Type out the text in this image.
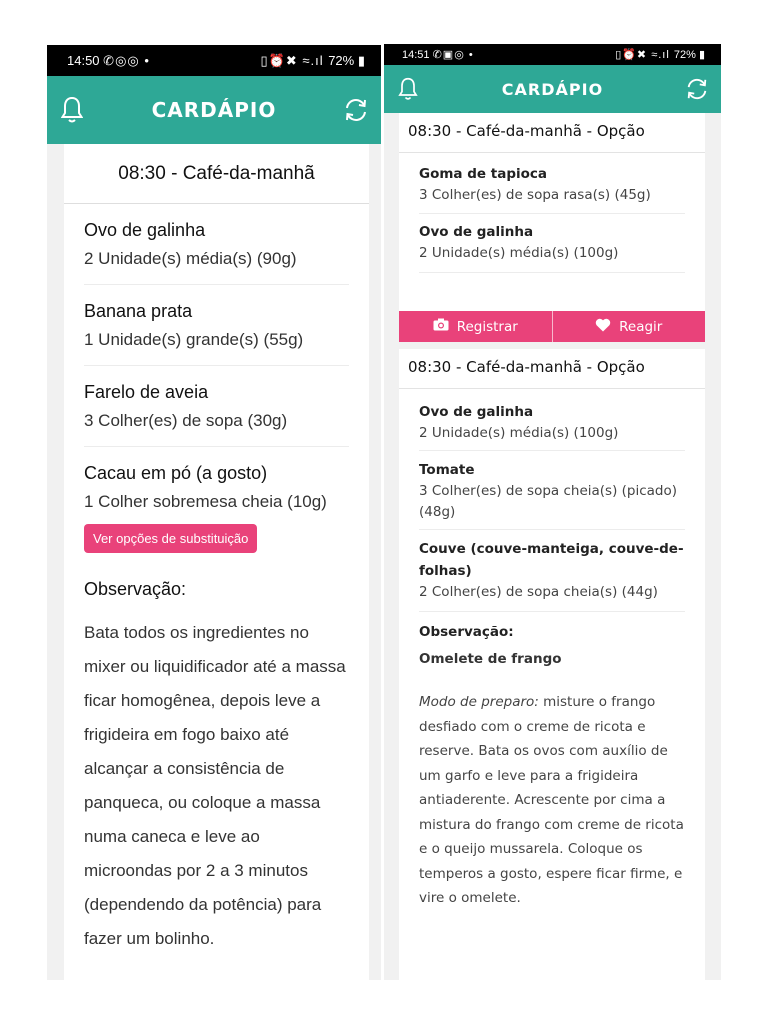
14:50 ✆◎◎ •	▯⏰✖ ≈.ıl 72% ▮
CARDÁPIO
08:30 - Café-da-manhã
Ovo de galinha
2 Unidade(s) média(s) (90g)
Banana prata
1 Unidade(s) grande(s) (55g)
Farelo de aveia
3 Colher(es) de sopa (30g)
Cacau em pó (a gosto)
1 Colher sobremesa cheia (10g)
Ver opções de substituição
Observação:
Bata todos os ingredientes no mixer ou liquidificador até a massa ficar homogênea, depois leve a frigideira em fogo baixo até alcançar a consistência de panqueca, ou coloque a massa numa caneca e leve ao microondas por 2 a 3 minutos (dependendo da potência) para fazer um bolinho.
14:51 ✆▣◎ •	▯⏰✖ ≈.ıl 72% ▮
CARDÁPIO
08:30 - Café-da-manhã - Opção
Goma de tapioca
3 Colher(es) de sopa rasa(s) (45g)
Ovo de galinha
2 Unidade(s) média(s) (100g)
Registrar	Reagir
08:30 - Café-da-manhã - Opção
Ovo de galinha
2 Unidade(s) média(s) (100g)
Tomate
3 Colher(es) de sopa cheia(s) (picado) (48g)
Couve (couve-manteiga, couve-de-folhas)
2 Colher(es) de sopa cheia(s) (44g)
Observação:
Omelete de frango
Modo de preparo: misture o frango desfiado com o creme de ricota e reserve. Bata os ovos com auxílio de um garfo e leve para a frigideira antiaderente. Acrescente por cima a mistura do frango com creme de ricota e o queijo mussarela. Coloque os temperos a gosto, espere ficar firme, e vire o omelete.
